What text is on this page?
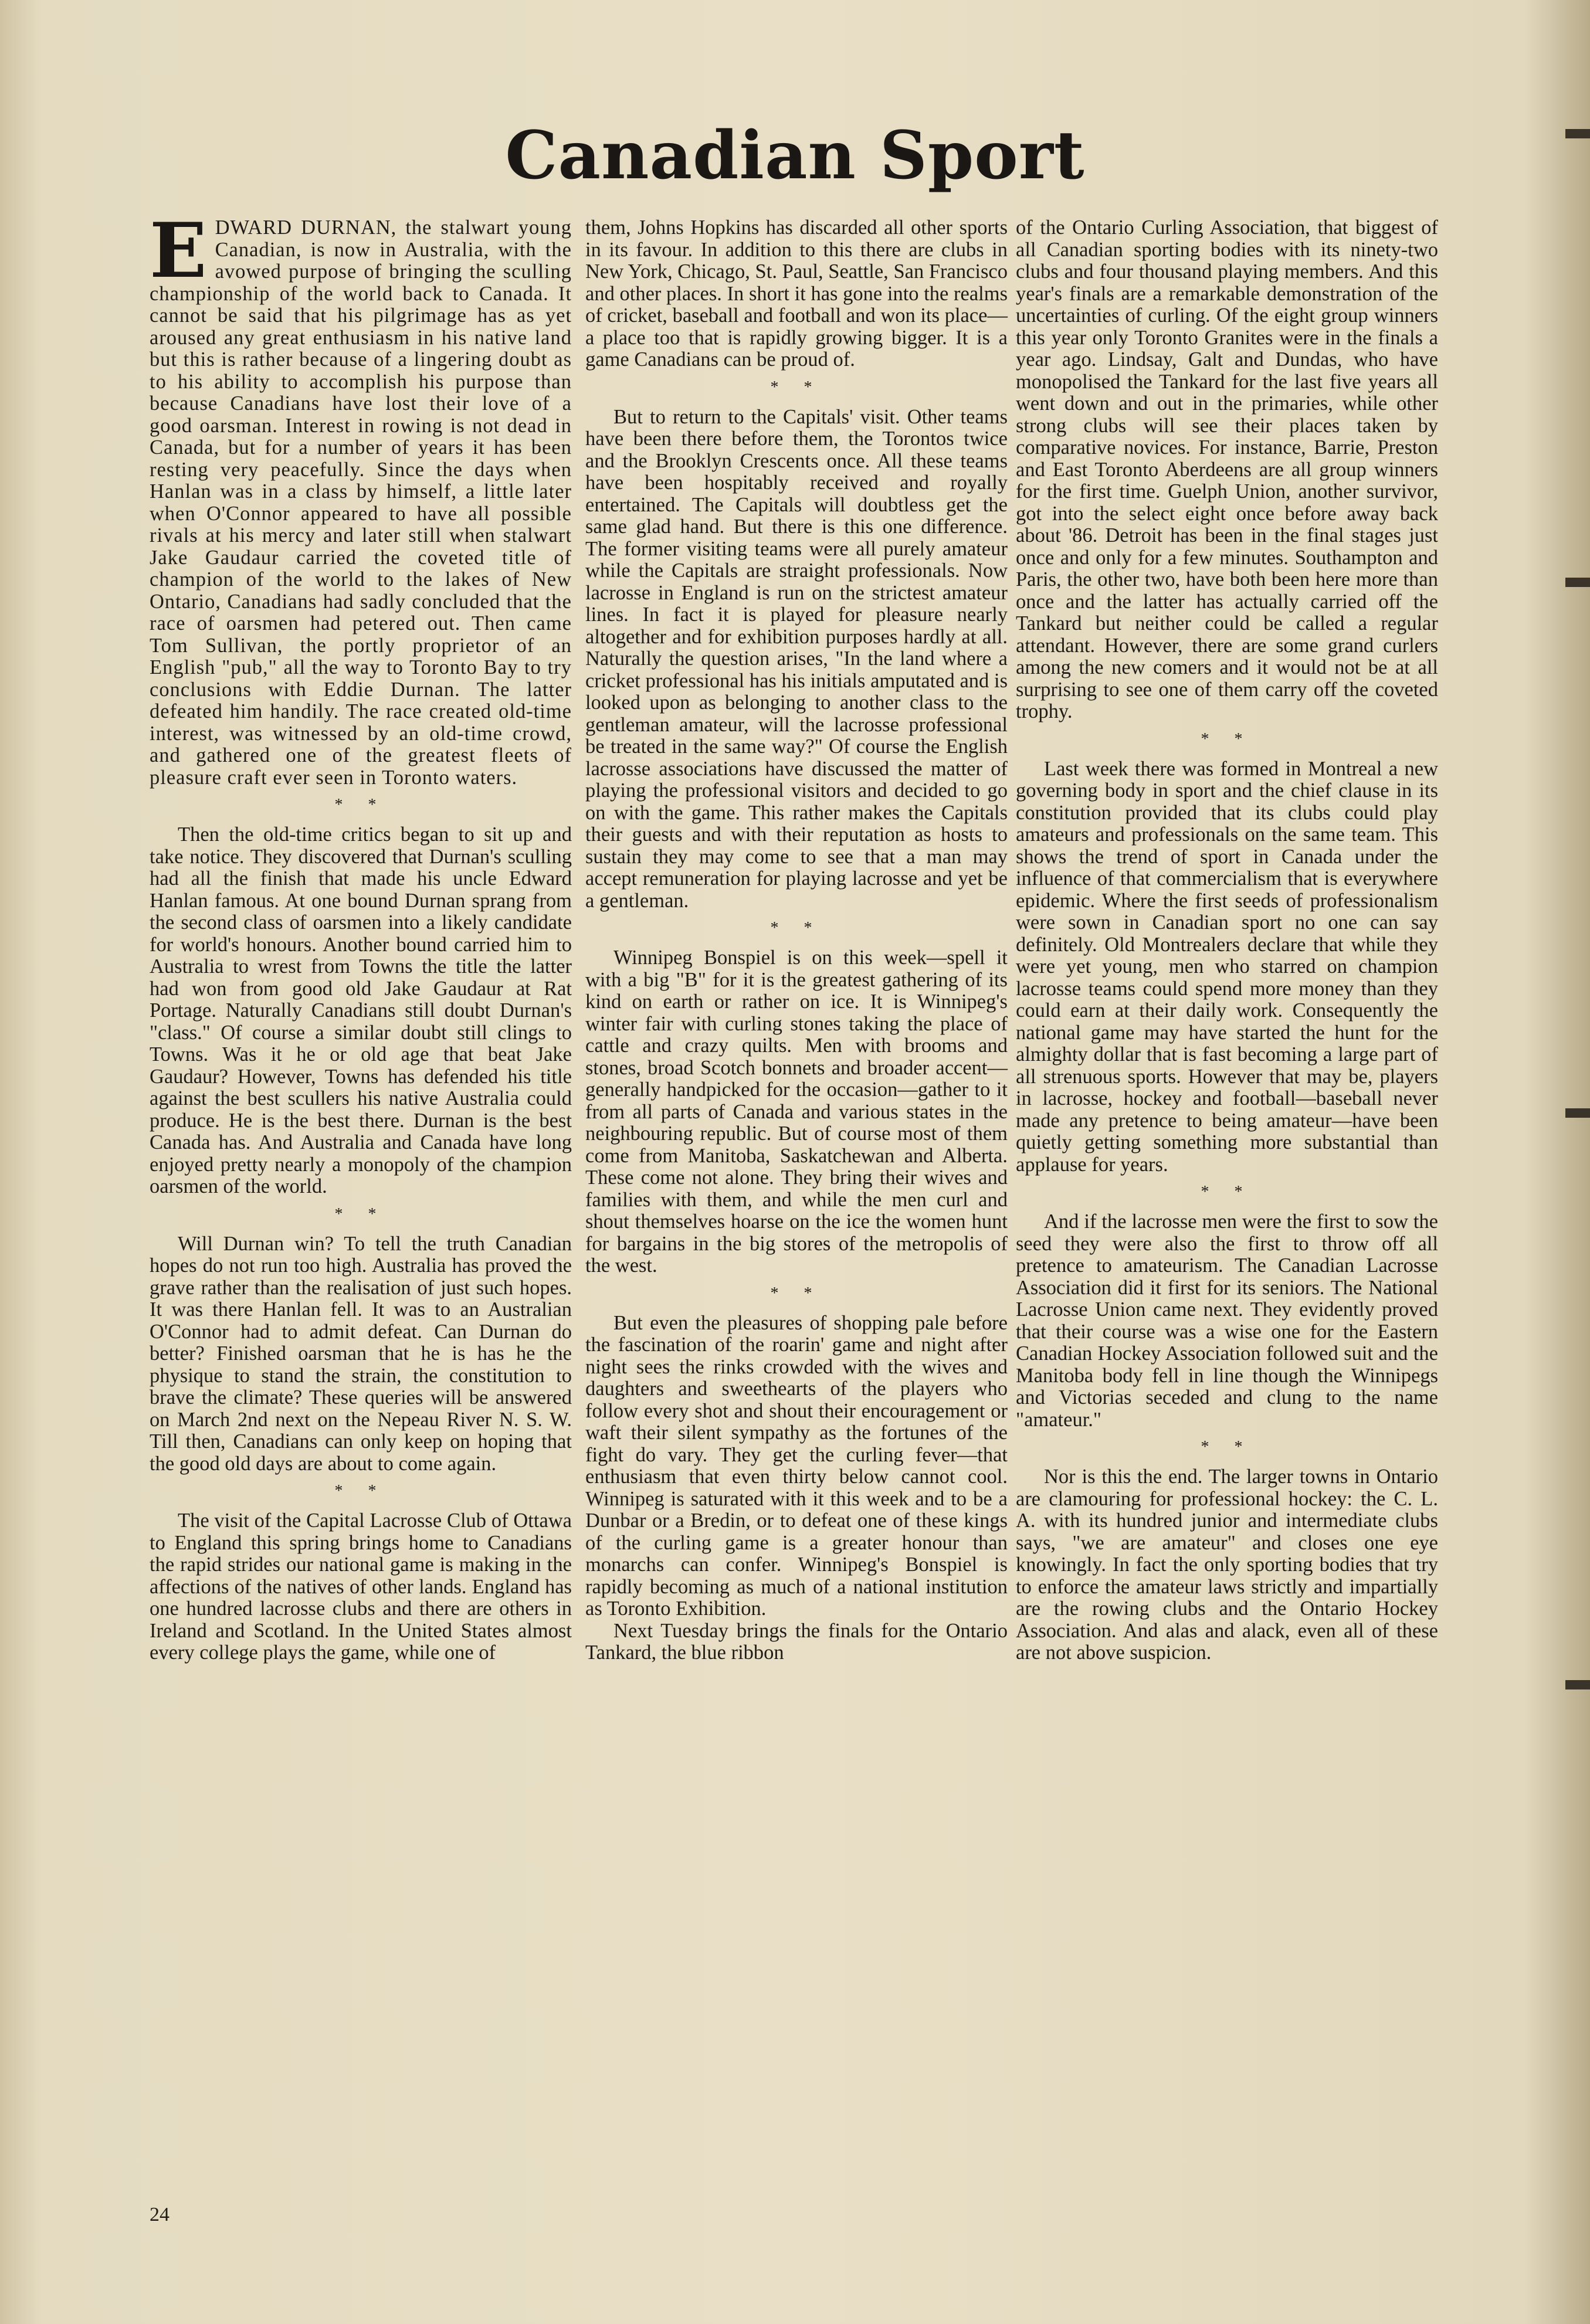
Canadian Sport
E DWARD DURNAN, the stalwart young Canadian, is now in Australia, with the avowed purpose of bringing the sculling championship of the world back to Canada. It cannot be said that his pilgrimage has as yet aroused any great enthusiasm in his native land but this is rather because of a lingering doubt as to his ability to accomplish his purpose than because Canadians have lost their love of a good oarsman. Interest in rowing is not dead in Canada, but for a number of years it has been resting very peacefully. Since the days when Hanlan was in a class by himself, a little later when O'Connor appeared to have all possible rivals at his mercy and later still when stalwart Jake Gaudaur carried the coveted title of champion of the world to the lakes of New Ontario, Canadians had sadly concluded that the race of oarsmen had petered out. Then came Tom Sullivan, the portly proprietor of an English "pub," all the way to Toronto Bay to try conclusions with Eddie Durnan. The latter defeated him handily. The race created old-time interest, was witnessed by an old-time crowd, and gathered one of the greatest fleets of pleasure craft ever seen in Toronto waters.

* *

Then the old-time critics began to sit up and take notice. They discovered that Durnan's sculling had all the finish that made his uncle Edward Hanlan famous. At one bound Durnan sprang from the second class of oarsmen into a likely candidate for world's honours. Another bound carried him to Australia to wrest from Towns the title the latter had won from good old Jake Gaudaur at Rat Portage. Naturally Canadians still doubt Durnan's "class." Of course a similar doubt still clings to Towns. Was it he or old age that beat Jake Gaudaur? However, Towns has defended his title against the best scullers his native Australia could produce. He is the best there. Durnan is the best Canada has. And Australia and Canada have long enjoyed pretty nearly a monopoly of the champion oarsmen of the world.

* *

Will Durnan win? To tell the truth Canadian hopes do not run too high. Australia has proved the grave rather than the realisation of just such hopes. It was there Hanlan fell. It was to an Australian O'Connor had to admit defeat. Can Durnan do better? Finished oarsman that he is has he the physique to stand the strain, the constitution to brave the climate? These queries will be answered on March 2nd next on the Nepeau River N. S. W. Till then, Canadians can only keep on hoping that the good old days are about to come again.

* *

The visit of the Capital Lacrosse Club of Ottawa to England this spring brings home to Canadians the rapid strides our national game is making in the affections of the natives of other lands. England has one hundred lacrosse clubs and there are others in Ireland and Scotland. In the United States almost every college plays the game, while one of

them, Johns Hopkins has discarded all other sports in its favour. In addition to this there are clubs in New York, Chicago, St. Paul, Seattle, San Francisco and other places. In short it has gone into the realms of cricket, baseball and football and won its place—a place too that is rapidly growing bigger. It is a game Canadians can be proud of.

* *

But to return to the Capitals' visit. Other teams have been there before them, the Torontos twice and the Brooklyn Crescents once. All these teams have been hospitably received and royally entertained. The Capitals will doubtless get the same glad hand. But there is this one difference. The former visiting teams were all purely amateur while the Capitals are straight professionals. Now lacrosse in England is run on the strictest amateur lines. In fact it is played for pleasure nearly altogether and for exhibition purposes hardly at all. Naturally the question arises, "In the land where a cricket professional has his initials amputated and is looked upon as belonging to another class to the gentleman amateur, will the lacrosse professional be treated in the same way?" Of course the English lacrosse associations have discussed the matter of playing the professional visitors and decided to go on with the game. This rather makes the Capitals their guests and with their reputation as hosts to sustain they may come to see that a man may accept remuneration for playing lacrosse and yet be a gentleman.

* *

Winnipeg Bonspiel is on this week—spell it with a big "B" for it is the greatest gathering of its kind on earth or rather on ice. It is Winnipeg's winter fair with curling stones taking the place of cattle and crazy quilts. Men with brooms and stones, broad Scotch bonnets and broader accent—generally handpicked for the occasion—gather to it from all parts of Canada and various states in the neighbouring republic. But of course most of them come from Manitoba, Saskatchewan and Alberta. These come not alone. They bring their wives and families with them, and while the men curl and shout themselves hoarse on the ice the women hunt for bargains in the big stores of the metropolis of the west.

* *

But even the pleasures of shopping pale before the fascination of the roarin' game and night after night sees the rinks crowded with the wives and daughters and sweethearts of the players who follow every shot and shout their encouragement or waft their silent sympathy as the fortunes of the fight do vary. They get the curling fever—that enthusiasm that even thirty below cannot cool. Winnipeg is saturated with it this week and to be a Dunbar or a Bredin, or to defeat one of these kings of the curling game is a greater honour than monarchs can confer. Winnipeg's Bonspiel is rapidly becoming as much of a national institution as Toronto Exhibition.

Next Tuesday brings the finals for the Ontario Tankard, the blue ribbon

of the Ontario Curling Association, that biggest of all Canadian sporting bodies with its ninety-two clubs and four thousand playing members. And this year's finals are a remarkable demonstration of the uncertainties of curling. Of the eight group winners this year only Toronto Granites were in the finals a year ago. Lindsay, Galt and Dundas, who have monopolised the Tankard for the last five years all went down and out in the primaries, while other strong clubs will see their places taken by comparative novices. For instance, Barrie, Preston and East Toronto Aberdeens are all group winners for the first time. Guelph Union, another survivor, got into the select eight once before away back about '86. Detroit has been in the final stages just once and only for a few minutes. Southampton and Paris, the other two, have both been here more than once and the latter has actually carried off the Tankard but neither could be called a regular attendant. However, there are some grand curlers among the new comers and it would not be at all surprising to see one of them carry off the coveted trophy.

* *

Last week there was formed in Montreal a new governing body in sport and the chief clause in its constitution provided that its clubs could play amateurs and professionals on the same team. This shows the trend of sport in Canada under the influence of that commercialism that is everywhere epidemic. Where the first seeds of professionalism were sown in Canadian sport no one can say definitely. Old Montrealers declare that while they were yet young, men who starred on champion lacrosse teams could spend more money than they could earn at their daily work. Consequently the national game may have started the hunt for the almighty dollar that is fast becoming a large part of all strenuous sports. However that may be, players in lacrosse, hockey and football—baseball never made any pretence to being amateur—have been quietly getting something more substantial than applause for years.

* *

And if the lacrosse men were the first to sow the seed they were also the first to throw off all pretence to amateurism. The Canadian Lacrosse Association did it first for its seniors. The National Lacrosse Union came next. They evidently proved that their course was a wise one for the Eastern Canadian Hockey Association followed suit and the Manitoba body fell in line though the Winnipegs and Victorias seceded and clung to the name "amateur."

* *

Nor is this the end. The larger towns in Ontario are clamouring for professional hockey: the C. L. A. with its hundred junior and intermediate clubs says, "we are amateur" and closes one eye knowingly. In fact the only sporting bodies that try to enforce the amateur laws strictly and impartially are the rowing clubs and the Ontario Hockey Association. And alas and alack, even all of these are not above suspicion.

24
